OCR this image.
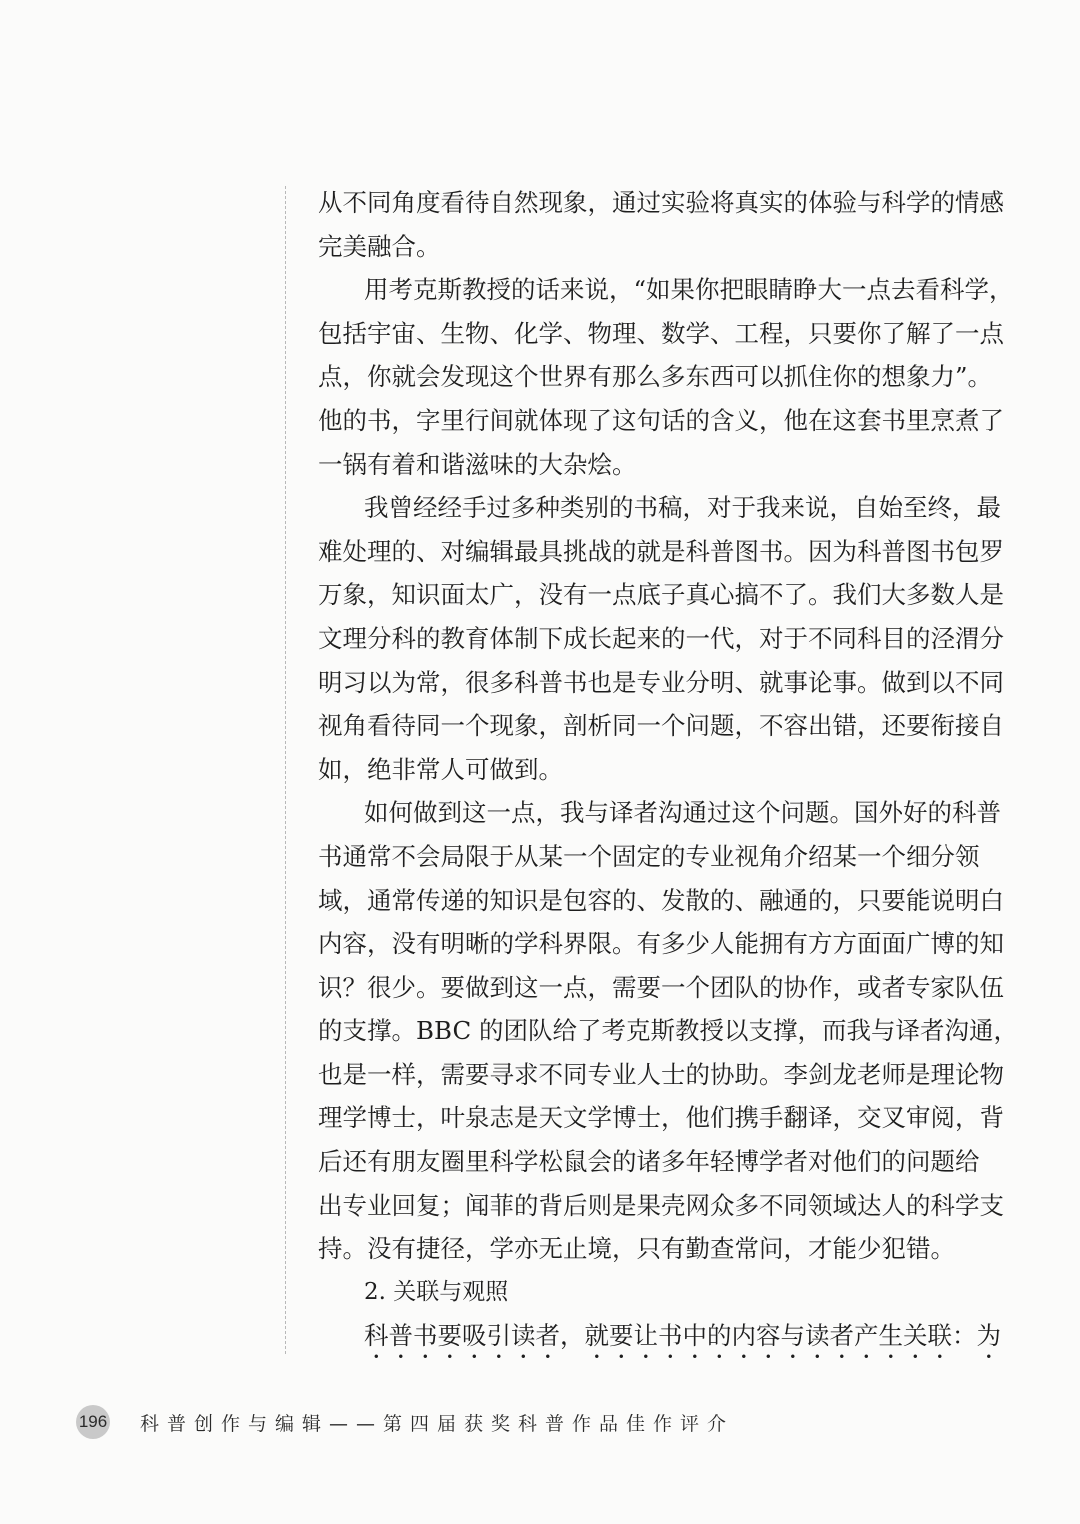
从不同角度看待自然现象，通过实验将真实的体验与科学的情感
完美融合。
用考克斯教授的话来说，“如果你把眼睛睁大一点去看科学，
包括宇宙、生物、化学、物理、数学、工程，只要你了解了一点
点，你就会发现这个世界有那么多东西可以抓住你的想象力”。
他的书，字里行间就体现了这句话的含义，他在这套书里烹煮了
一锅有着和谐滋味的大杂烩。
我曾经经手过多种类别的书稿，对于我来说，自始至终，最
难处理的、对编辑最具挑战的就是科普图书。因为科普图书包罗
万象，知识面太广，没有一点底子真心搞不了。我们大多数人是
文理分科的教育体制下成长起来的一代，对于不同科目的泾渭分
明习以为常，很多科普书也是专业分明、就事论事。做到以不同
视角看待同一个现象，剖析同一个问题，不容出错，还要衔接自
如，绝非常人可做到。
如何做到这一点，我与译者沟通过这个问题。国外好的科普
书通常不会局限于从某一个固定的专业视角介绍某一个细分领
域，通常传递的知识是包容的、发散的、融通的，只要能说明白
内容，没有明晰的学科界限。有多少人能拥有方方面面广博的知
识？很少。要做到这一点，需要一个团队的协作，或者专家队伍
的支撑。BBC 的团队给了考克斯教授以支撑，而我与译者沟通，
也是一样，需要寻求不同专业人士的协助。李剑龙老师是理论物
理学博士，叶泉志是天文学博士，他们携手翻译，交叉审阅，背
后还有朋友圈里科学松鼠会的诸多年轻博学者对他们的问题给
出专业回复；闻菲的背后则是果壳网众多不同领域达人的科学支
持。没有捷径，学亦无止境，只有勤查常问，才能少犯错。
2. 关联与观照
科普书要吸引读者，就要让书中的内容与读者产生关联：为
196 科普创作与编辑——第四届获奖科普作品佳作评介
